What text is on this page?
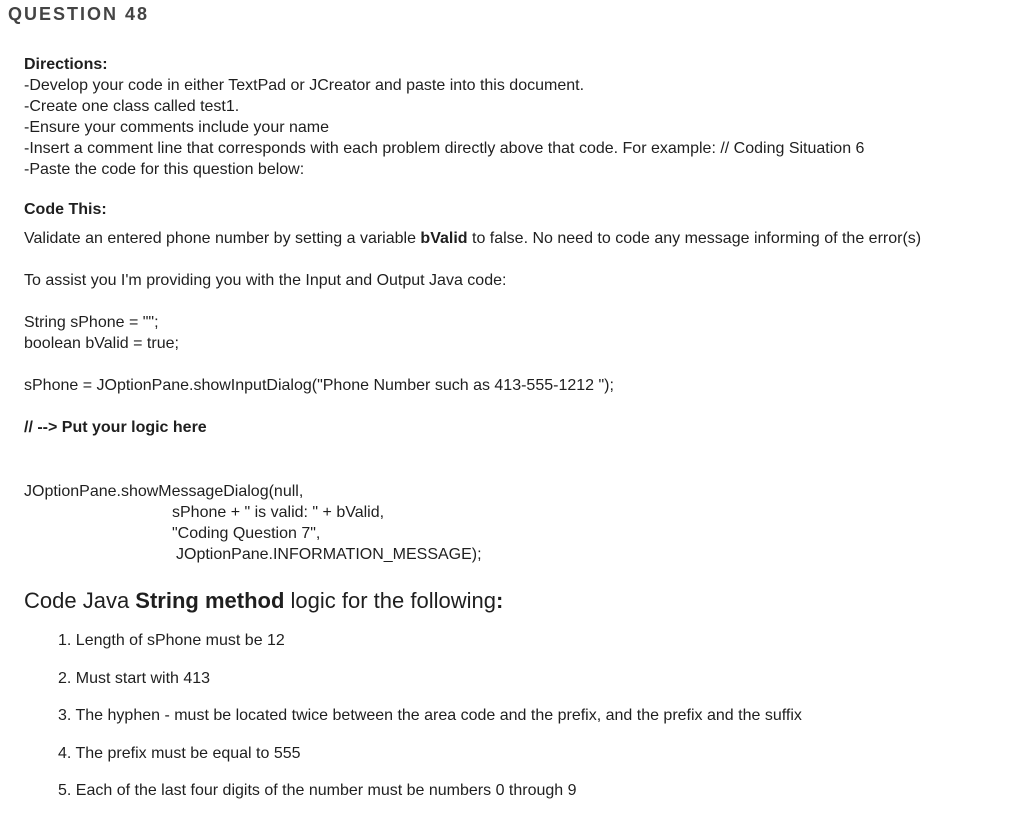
QUESTION 48
Directions:
-Develop your code in either TextPad or JCreator and paste into this document.
-Create one class called test1.
-Ensure your comments include your name
-Insert a comment line that corresponds with each problem directly above that code. For example: // Coding Situation 6
-Paste the code for this question below:
Code This:
Validate an entered phone number by setting a variable bValid to false. No need to code any message informing of the error(s)
To assist you I'm providing you with the Input and Output Java code:
String sPhone = "";
boolean bValid = true;
sPhone = JOptionPane.showInputDialog("Phone Number such as 413-555-1212 ");
// --> Put your logic here
JOptionPane.showMessageDialog(null,
sPhone + " is valid: " + bValid,
"Coding Question 7",
JOptionPane.INFORMATION_MESSAGE);
Code Java String method logic for the following:
1. Length of sPhone must be 12
2. Must start with 413
3. The hyphen - must be located twice between the area code and the prefix, and the prefix and the suffix
4. The prefix must be equal to 555
5. Each of the last four digits of the number must be numbers 0 through 9
